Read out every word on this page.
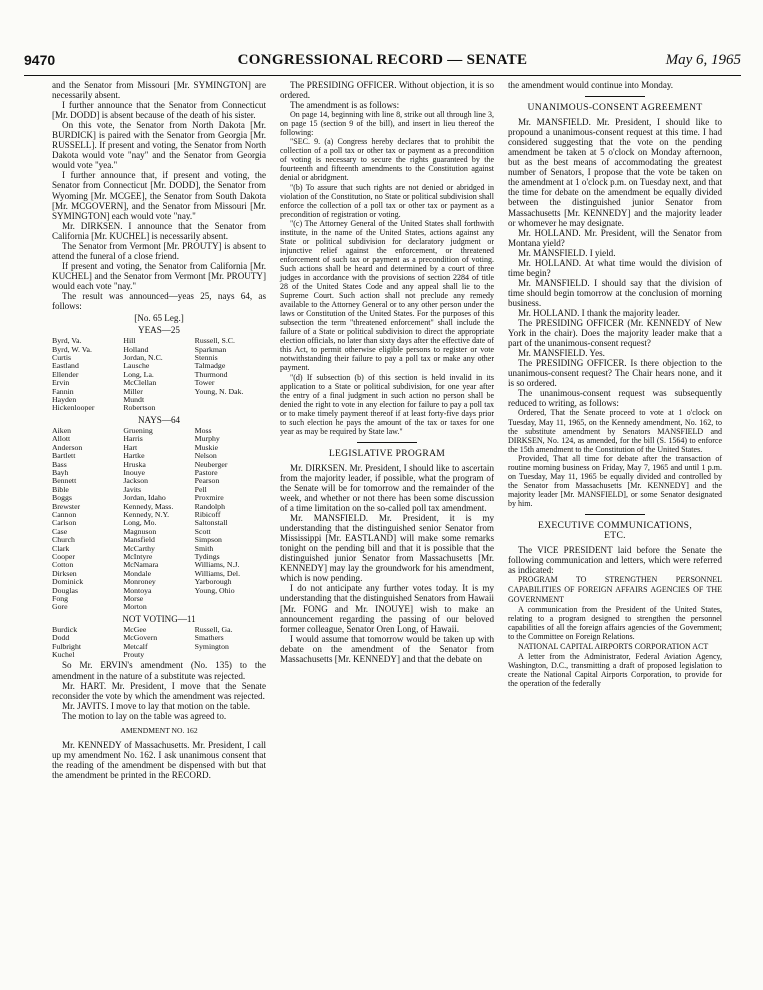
9470	CONGRESSIONAL RECORD — SENATE	May 6, 1965

and the Senator from Missouri [Mr. SYMINGTON] are necessarily absent.

I further announce that the Senator from Connecticut [Mr. DODD] is absent because of the death of his sister.

On this vote, the Senator from North Dakota [Mr. BURDICK] is paired with the Senator from Georgia [Mr. RUSSELL]. If present and voting, the Senator from North Dakota would vote "nay" and the Senator from Georgia would vote "yea."

I further announce that, if present and voting, the Senator from Connecticut [Mr. DODD], the Senator from Wyoming [Mr. MCGEE], the Senator from South Dakota [Mr. MCGOVERN], and the Senator from Missouri [Mr. SYMINGTON] each would vote "nay."

Mr. DIRKSEN. I announce that the Senator from California [Mr. KUCHEL] is necessarily absent.

The Senator from Vermont [Mr. PROUTY] is absent to attend the funeral of a close friend.

If present and voting, the Senator from California [Mr. KUCHEL] and the Senator from Vermont [Mr. PROUTY] would each vote "nay."

The result was announced—yeas 25, nays 64, as follows:

[No. 65 Leg.]
YEAS—25
Byrd, Va.	Hill	Russell, S.C.
Byrd, W. Va.	Holland	Sparkman
Curtis	Jordan, N.C.	Stennis
Eastland	Lausche	Talmadge
Ellender	Long, La.	Thurmond
Ervin	McClellan	Tower
Fannin	Miller	Young, N. Dak.
Hayden	Mundt	
Hickenlooper	Robertson	
NAYS—64
Aiken	Gruening	Moss
Allott	Harris	Murphy
Anderson	Hart	Muskie
Bartlett	Hartke	Nelson
Bass	Hruska	Neuberger
Bayh	Inouye	Pastore
Bennett	Jackson	Pearson
Bible	Javits	Pell
Boggs	Jordan, Idaho	Proxmire
Brewster	Kennedy, Mass.	Randolph
Cannon	Kennedy, N.Y.	Ribicoff
Carlson	Long, Mo.	Saltonstall
Case	Magnuson	Scott
Church	Mansfield	Simpson
Clark	McCarthy	Smith
Cooper	McIntyre	Tydings
Cotton	McNamara	Williams, N.J.
Dirksen	Mondale	Williams, Del.
Dominick	Monroney	Yarborough
Douglas	Montoya	Young, Ohio
Fong	Morse	
Gore	Morton	
NOT VOTING—11
Burdick	McGee	Russell, Ga.
Dodd	McGovern	Smathers
Fulbright	Metcalf	Symington
Kuchel	Prouty	

So Mr. ERVIN's amendment (No. 135) to the amendment in the nature of a substitute was rejected.

Mr. HART. Mr. President, I move that the Senate reconsider the vote by which the amendment was rejected.

Mr. JAVITS. I move to lay that motion on the table.

The motion to lay on the table was agreed to.

AMENDMENT NO. 162

Mr. KENNEDY of Massachusetts. Mr. President, I call up my amendment No. 162. I ask unanimous consent that the reading of the amendment be dispensed with but that the amendment be printed in the RECORD.

The PRESIDING OFFICER. Without objection, it is so ordered.

The amendment is as follows:

On page 14, beginning with line 8, strike out all through line 3, on page 15 (section 9 of the bill), and insert in lieu thereof the following:

"SEC. 9. (a) Congress hereby declares that to prohibit the collection of a poll tax or other tax or payment as a precondition of voting is necessary to secure the rights guaranteed by the fourteenth and fifteenth amendments to the Constitution against denial or abridgment.

"(b) To assure that such rights are not denied or abridged in violation of the Constitution, no State or political subdivision shall enforce the collection of a poll tax or other tax or payment as a precondition of registration or voting.

"(c) The Attorney General of the United States shall forthwith institute, in the name of the United States, actions against any State or political subdivision for declaratory judgment or injunctive relief against the enforcement, or threatened enforcement of such tax or payment as a precondition of voting. Such actions shall be heard and determined by a court of three judges in accordance with the provisions of section 2284 of title 28 of the United States Code and any appeal shall lie to the Supreme Court. Such action shall not preclude any remedy available to the Attorney General or to any other person under the laws or Constitution of the United States. For the purposes of this subsection the term "threatened enforcement" shall include the failure of a State or political subdivision to direct the appropriate election officials, no later than sixty days after the effective date of this Act, to permit otherwise eligible persons to register or vote notwithstanding their failure to pay a poll tax or make any other payment.

"(d) If subsection (b) of this section is held invalid in its application to a State or political subdivision, for one year after the entry of a final judgment in such action no person shall be denied the right to vote in any election for failure to pay a poll tax or to make timely payment thereof if at least forty-five days prior to such election he pays the amount of the tax or taxes for one year as may be required by State law."

LEGISLATIVE PROGRAM

Mr. DIRKSEN. Mr. President, I should like to ascertain from the majority leader, if possible, what the program of the Senate will be for tomorrow and the remainder of the week, and whether or not there has been some discussion of a time limitation on the so-called poll tax amendment.

Mr. MANSFIELD. Mr. President, it is my understanding that the distinguished senior Senator from Mississippi [Mr. EASTLAND] will make some remarks tonight on the pending bill and that it is possible that the distinguished junior Senator from Massachusetts [Mr. KENNEDY] may lay the groundwork for his amendment, which is now pending.

I do not anticipate any further votes today. It is my understanding that the distinguished Senators from Hawaii [Mr. FONG and Mr. INOUYE] wish to make an announcement regarding the passing of our beloved former colleague, Senator Oren Long, of Hawaii.

I would assume that tomorrow would be taken up with debate on the amendment of the Senator from Massachusetts [Mr. KENNEDY] and that the debate on

the amendment would continue into Monday.

UNANIMOUS-CONSENT AGREEMENT

Mr. MANSFIELD. Mr. President, I should like to propound a unanimous-consent request at this time. I had considered suggesting that the vote on the pending amendment be taken at 5 o'clock on Monday afternoon, but as the best means of accommodating the greatest number of Senators, I propose that the vote be taken on the amendment at 1 o'clock p.m. on Tuesday next, and that the time for debate on the amendment be equally divided between the distinguished junior Senator from Massachusetts [Mr. KENNEDY] and the majority leader or whomever he may designate.

Mr. HOLLAND. Mr. President, will the Senator from Montana yield?

Mr. MANSFIELD. I yield.

Mr. HOLLAND. At what time would the division of time begin?

Mr. MANSFIELD. I should say that the division of time should begin tomorrow at the conclusion of morning business.

Mr. HOLLAND. I thank the majority leader.

The PRESIDING OFFICER (Mr. KENNEDY of New York in the chair). Does the majority leader make that a part of the unanimous-consent request?

Mr. MANSFIELD. Yes.

The PRESIDING OFFICER. Is there objection to the unanimous-consent request? The Chair hears none, and it is so ordered.

The unanimous-consent request was subsequently reduced to writing, as follows:

Ordered, That the Senate proceed to vote at 1 o'clock on Tuesday, May 11, 1965, on the Kennedy amendment, No. 162, to the substitute amendment by Senators MANSFIELD and DIRKSEN, No. 124, as amended, for the bill (S. 1564) to enforce the 15th amendment to the Constitution of the United States.

Provided, That all time for debate after the transaction of routine morning business on Friday, May 7, 1965 and until 1 p.m. on Tuesday, May 11, 1965 be equally divided and controlled by the Senator from Massachusetts [Mr. KENNEDY] and the majority leader [Mr. MANSFIELD], or some Senator designated by him.

EXECUTIVE COMMUNICATIONS,
ETC.

The VICE PRESIDENT laid before the Senate the following communication and letters, which were referred as indicated:

PROGRAM TO STRENGTHEN PERSONNEL CAPABILITIES OF FOREIGN AFFAIRS AGENCIES OF THE GOVERNMENT

A communication from the President of the United States, relating to a program designed to strengthen the personnel capabilities of all the foreign affairs agencies of the Government; to the Committee on Foreign Relations.

NATIONAL CAPITAL AIRPORTS CORPORATION ACT

A letter from the Administrator, Federal Aviation Agency, Washington, D.C., transmitting a draft of proposed legislation to create the National Capital Airports Corporation, to provide for the operation of the federally
